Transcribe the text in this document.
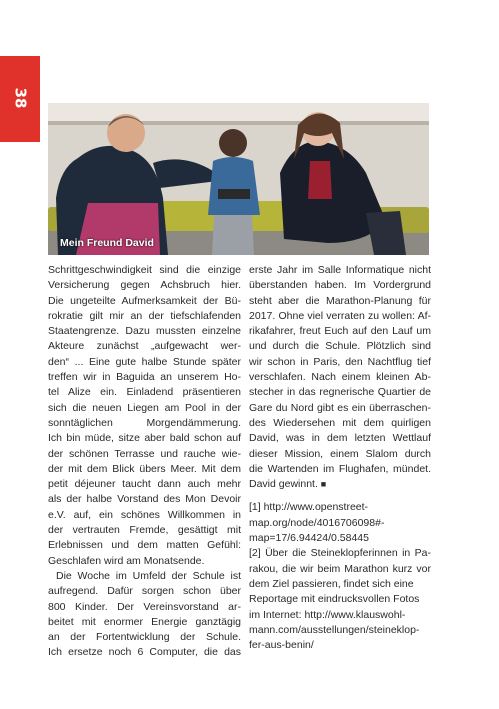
38
Mein Freund David
Schrittgeschwindigkeit sind die einzige
Versicherung gegen Achsbruch hier.
Die ungeteilte Aufmerksamkeit der Bü-
rokratie gilt mir an der tiefschlafenden
Staatengrenze. Dazu mussten einzelne
Akteure zunächst „aufgewacht wer-
den“ ... Eine gute halbe Stunde später
treffen wir in Baguida an unserem Ho-
tel Alize ein. Einladend präsentieren
sich die neuen Liegen am Pool in der
sonntäglichen Morgendämmerung.
Ich bin müde, sitze aber bald schon auf
der schönen Terrasse und rauche wie-
der mit dem Blick übers Meer. Mit dem
petit déjeuner taucht dann auch mehr
als der halbe Vorstand des Mon Devoir
e.V. auf, ein schönes Willkommen in
der vertrauten Fremde, gesättigt mit
Erlebnissen und dem matten Gefühl:
Geschlafen wird am Monatsende.
Die Woche im Umfeld der Schule ist
aufregend. Dafür sorgen schon über
800 Kinder. Der Vereinsvorstand ar-
beitet mit enormer Energie ganztägig
an der Fortentwicklung der Schule.
Ich ersetze noch 6 Computer, die das
erste Jahr im Salle Informatique nicht
überstanden haben. Im Vordergrund
steht aber die Marathon-Planung für
2017. Ohne viel verraten zu wollen: Af-
rikafahrer, freut Euch auf den Lauf um
und durch die Schule. Plötzlich sind
wir schon in Paris, den Nachtflug tief
verschlafen. Nach einem kleinen Ab-
stecher in das regnerische Quartier de
Gare du Nord gibt es ein überraschen-
des Wiedersehen mit dem quirligen
David, was in dem letzten Wettlauf
dieser Mission, einem Slalom durch
die Wartenden im Flughafen, mündet.
David gewinnt. ■
[1] http://www.openstreet-
map.org/node/4016706098#-
map=17/6.94424/0.58445
[2] Über die Steineklopferinnen in Pa-
rakou, die wir beim Marathon kurz vor
dem Ziel passieren, findet sich eine
Reportage mit eindrucksvollen Fotos
im Internet: http://www.klauswohl-
mann.com/ausstellungen/steineklop-
fer-aus-benin/
